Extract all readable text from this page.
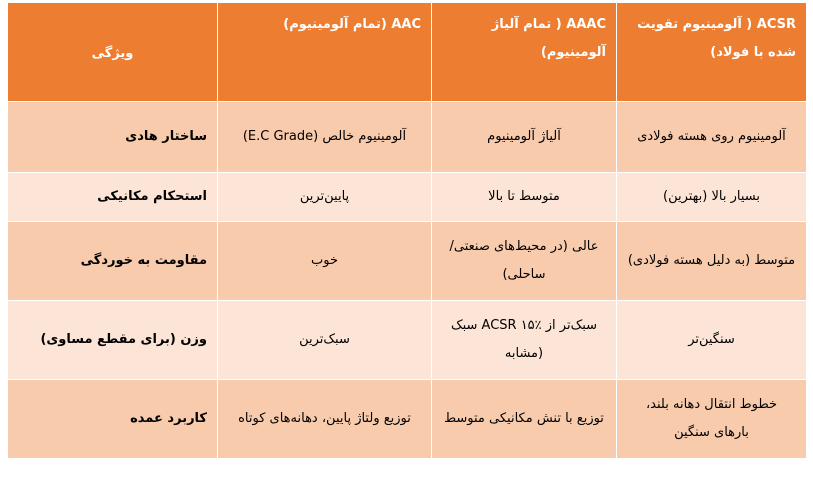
ACSR ( آلومینیوم تقویت شده با فولاد)	AAAC ( تمام آلیاژ آلومینیوم)	AAC (تمام آلومینیوم)	ویژگی
آلومینیوم روی هسته فولادی	آلیاژ آلومینیوم	آلومینیوم خالص (E.C Grade)	ساختار هادی
بسیار بالا (بهترین)	متوسط تا بالا	پایین‌ترین	استحکام مکانیکی
متوسط (به دلیل هسته فولادی)	عالی (در محیط‌های صنعتی/ساحلی)	خوب	مقاومت به خوردگی
سنگین‌تر	سبک‌تر از ACSR ۱۵٪ سبک (مشابه	سبک‌ترین	وزن (برای مقطع مساوی)
خطوط انتقال دهانه بلند، بارهای سنگین	توزیع با تنش مکانیکی متوسط	توزیع ولتاژ پایین، دهانه‌های کوتاه	کاربرد عمده
